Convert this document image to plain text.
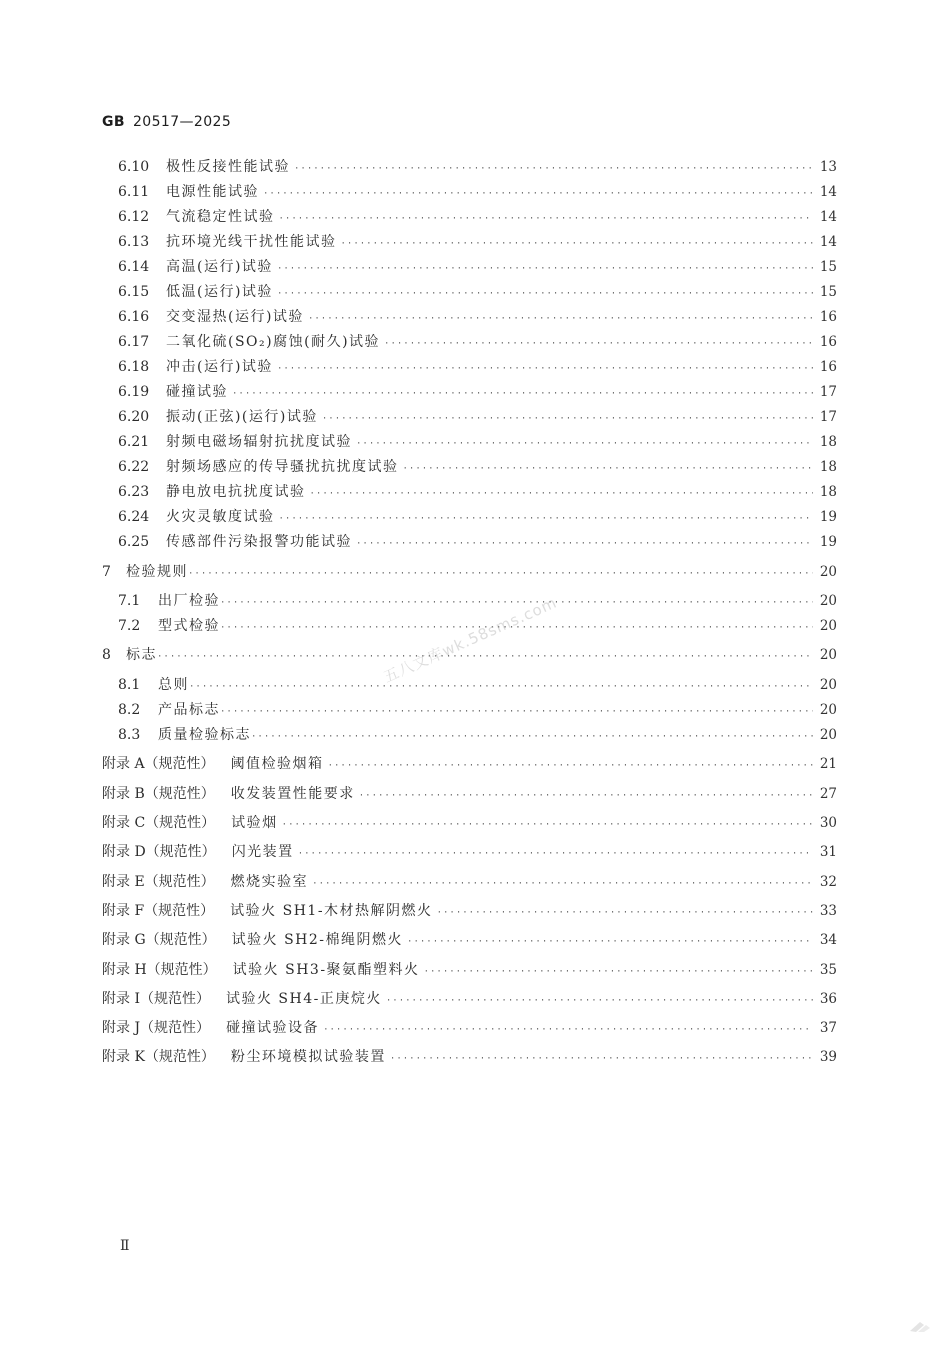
GB 20517—2025
6.10	极性反接性能试验 ·····	13
6.11	电源性能试验 ·····	14
6.12	气流稳定性试验 ·····	14
6.13	抗环境光线干扰性能试验 ·····	14
6.14	高温(运行)试验 ·····	15
6.15	低温(运行)试验 ·····	15
6.16	交变湿热(运行)试验 ·····	16
6.17	二氧化硫(SO₂)腐蚀(耐久)试验 ·····	16
6.18	冲击(运行)试验 ·····	16
6.19	碰撞试验 ·····	17
6.20	振动(正弦)(运行)试验 ·····	17
6.21	射频电磁场辐射抗扰度试验 ·····	18
6.22	射频场感应的传导骚扰抗扰度试验 ·····	18
6.23	静电放电抗扰度试验 ·····	18
6.24	火灾灵敏度试验 ·····	19
6.25	传感部件污染报警功能试验 ·····	19
7	检验规则 ·····	20
7.1	出厂检验 ·····	20
7.2	型式检验 ·····	20
8	标志 ·····	20
8.1	总则 ·····	20
8.2	产品标志 ·····	20
8.3	质量检验标志 ·····	20
附录 A（规范性） 阈值检验烟箱 ·····	21
附录 B（规范性） 收发装置性能要求 ·····	27
附录 C（规范性） 试验烟 ·····	30
附录 D（规范性） 闪光装置 ·····	31
附录 E（规范性） 燃烧实验室 ·····	32
附录 F（规范性） 试验火 SH1-木材热解阴燃火 ·····	33
附录 G（规范性） 试验火 SH2-棉绳阴燃火 ·····	34
附录 H（规范性） 试验火 SH3-聚氨酯塑料火 ·····	35
附录 I（规范性） 试验火 SH4-正庚烷火 ·····	36
附录 J（规范性） 碰撞试验设备 ·····	37
附录 K（规范性） 粉尘环境模拟试验装置 ·····	39
五八文库wk.58sms.com
Ⅱ
